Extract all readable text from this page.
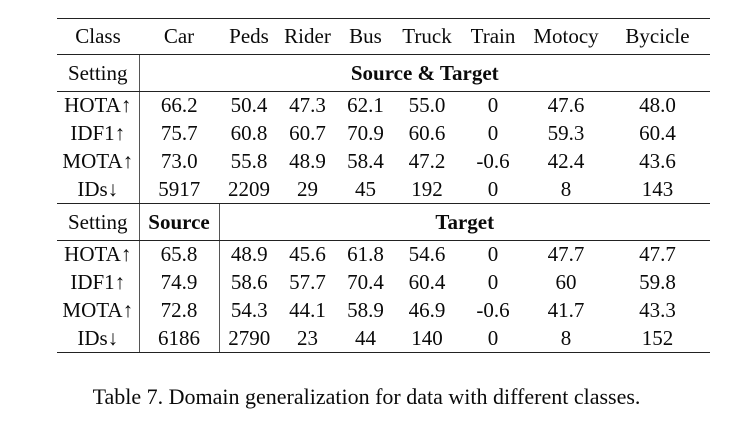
Class	Car	Peds	Rider	Bus	Truck	Train	Motocy	Bycicle
Setting	Source & Target							
HOTA↑	66.2	50.4	47.3	62.1	55.0	0	47.6	48.0
IDF1↑	75.7	60.8	60.7	70.9	60.6	0	59.3	60.4
MOTA↑	73.0	55.8	48.9	58.4	47.2	-0.6	42.4	43.6
IDs↓	5917	2209	29	45	192	0	8	143
Setting	Source	Target						
HOTA↑	65.8	48.9	45.6	61.8	54.6	0	47.7	47.7
IDF1↑	74.9	58.6	57.7	70.4	60.4	0	60	59.8
MOTA↑	72.8	54.3	44.1	58.9	46.9	-0.6	41.7	43.3
IDs↓	6186	2790	23	44	140	0	8	152
Table 7. Domain generalization for data with different classes.
